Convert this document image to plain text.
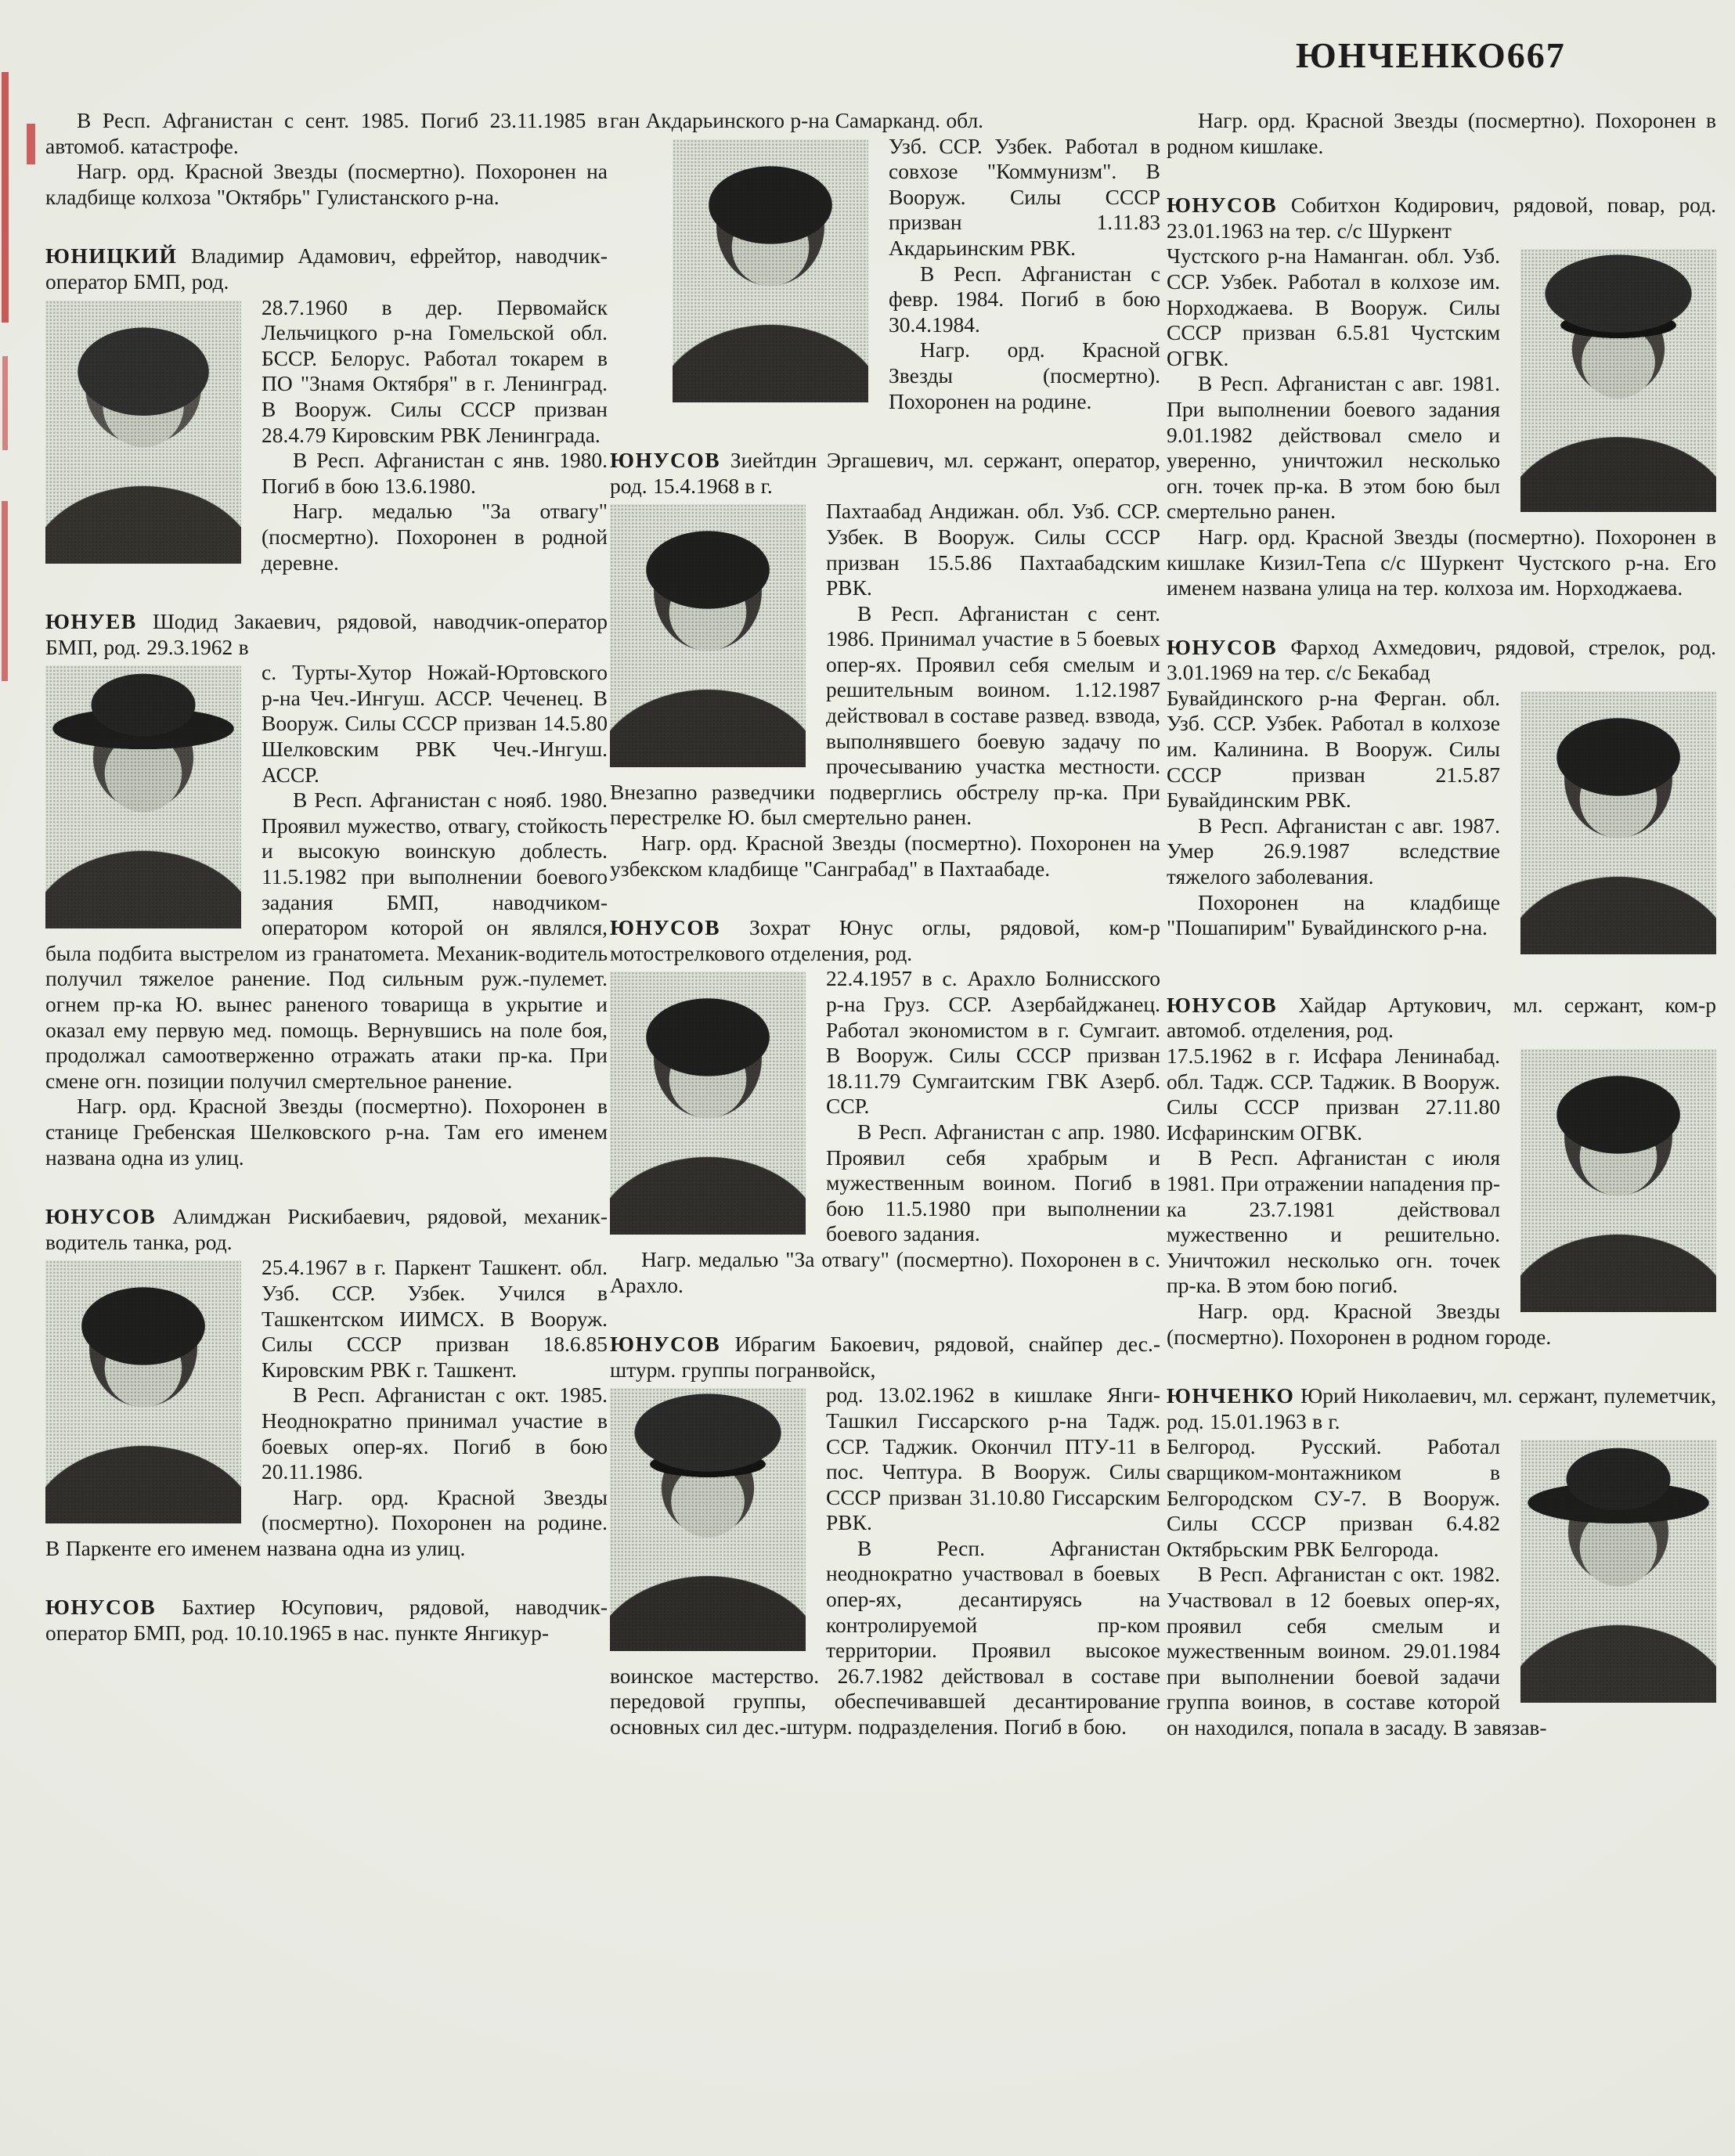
ЮНЧЕНКО 667

В Респ. Афганистан с сент. 1985. Погиб 23.11.1985 в автомоб. катастрофе.

Нагр. орд. Красной Звезды (посмертно). Похоронен на кладбище колхоза "Октябрь" Гулистанского р-на.

ЮНИЦКИЙ Владимир Адамович, ефрейтор, наводчик-оператор БМП, род.

28.7.1960 в дер. Первомайск Лельчицкого р-на Гомельской обл. БССР. Белорус. Работал токарем в ПО "Знамя Октября" в г. Ленинград. В Вооруж. Силы СССР призван 28.4.79 Кировским РВК Ленинграда.

В Респ. Афганистан с янв. 1980. Погиб в бою 13.6.1980.

Нагр. медалью "За отвагу" (посмертно). Похоронен в родной деревне.

ЮНУЕВ Шодид Закаевич, рядовой, наводчик-оператор БМП, род. 29.3.1962 в

с. Турты-Хутор Ножай-Юртовского р-на Чеч.-Ингуш. АССР. Чеченец. В Вооруж. Силы СССР призван 14.5.80 Шелковским РВК Чеч.-Ингуш. АССР.

В Респ. Афганистан с нояб. 1980. Проявил мужество, отвагу, стойкость и высокую воинскую доблесть. 11.5.1982 при выполнении боевого задания БМП, наводчиком-оператором которой он являлся, была подбита выстрелом из гранатомета. Механик-водитель получил тяжелое ранение. Под сильным руж.-пулемет. огнем пр-ка Ю. вынес раненого товарища в укрытие и оказал ему первую мед. помощь. Вернувшись на поле боя, продолжал самоотверженно отражать атаки пр-ка. При смене огн. позиции получил смертельное ранение.

Нагр. орд. Красной Звезды (посмертно). Похоронен в станице Гребенская Шелковского р-на. Там его именем названа одна из улиц.

ЮНУСОВ Алимджан Рискибаевич, рядовой, механик-водитель танка, род.

25.4.1967 в г. Паркент Ташкент. обл. Узб. ССР. Узбек. Учился в Ташкентском ИИМСХ. В Вооруж. Силы СССР призван 18.6.85 Кировским РВК г. Ташкент.

В Респ. Афганистан с окт. 1985. Неоднократно принимал участие в боевых опер-ях. Погиб в бою 20.11.1986.

Нагр. орд. Красной Звезды (посмертно). Похоронен на родине. В Паркенте его именем названа одна из улиц.

ЮНУСОВ Бахтиер Юсупович, рядовой, наводчик-оператор БМП, род. 10.10.1965 в нас. пункте Янгикур-

ган Акдарьинского р-на Самарканд. обл.

Узб. ССР. Узбек. Работал в совхозе "Коммунизм". В Вооруж. Силы СССР призван 1.11.83 Акдарьинским РВК.

В Респ. Афганистан с февр. 1984. Погиб в бою 30.4.1984.

Нагр. орд. Красной Звезды (посмертно). Похоронен на родине.

ЮНУСОВ Зиейтдин Эргашевич, мл. сержант, оператор, род. 15.4.1968 в г.

Пахтаабад Андижан. обл. Узб. ССР. Узбек. В Вооруж. Силы СССР призван 15.5.86 Пахтаабадским РВК.

В Респ. Афганистан с сент. 1986. Принимал участие в 5 боевых опер-ях. Проявил себя смелым и решительным воином. 1.12.1987 действовал в составе развед. взвода, выполнявшего боевую задачу по прочесыванию участка местности. Внезапно разведчики подверглись обстрелу пр-ка. При перестрелке Ю. был смертельно ранен.

Нагр. орд. Красной Звезды (посмертно). Похоронен на узбекском кладбище "Санграбад" в Пахтаабаде.

ЮНУСОВ Зохрат Юнус оглы, рядовой, ком-р мотострелкового отделения, род.

22.4.1957 в с. Арахло Болнисского р-на Груз. ССР. Азербайджанец. Работал экономистом в г. Сумгаит. В Вооруж. Силы СССР призван 18.11.79 Сумгаитским ГВК Азерб. ССР.

В Респ. Афганистан с апр. 1980. Проявил себя храбрым и мужественным воином. Погиб в бою 11.5.1980 при выполнении боевого задания.

Нагр. медалью "За отвагу" (посмертно). Похоронен в с. Арахло.

ЮНУСОВ Ибрагим Бакоевич, рядовой, снайпер дес.-штурм. группы погранвойск,

род. 13.02.1962 в кишлаке Янги-Ташкил Гиссарского р-на Тадж. ССР. Таджик. Окончил ПТУ-11 в пос. Чептура. В Вооруж. Силы СССР призван 31.10.80 Гиссарским РВК.

В Респ. Афганистан неоднократно участвовал в боевых опер-ях, десантируясь на контролируемой пр-ком территории. Проявил высокое воинское мастерство. 26.7.1982 действовал в составе передовой группы, обеспечивавшей десантирование основных сил дес.-штурм. подразделения. Погиб в бою.

Нагр. орд. Красной Звезды (посмертно). Похоронен в родном кишлаке.

ЮНУСОВ Собитхон Кодирович, рядовой, повар, род. 23.01.1963 на тер. с/с Шуркент

Чустского р-на Наманган. обл. Узб. ССР. Узбек. Работал в колхозе им. Норходжаева. В Вооруж. Силы СССР призван 6.5.81 Чустским ОГВК.

В Респ. Афганистан с авг. 1981. При выполнении боевого задания 9.01.1982 действовал смело и уверенно, уничтожил несколько огн. точек пр-ка. В этом бою был смертельно ранен.

Нагр. орд. Красной Звезды (посмертно). Похоронен в кишлаке Кизил-Тепа с/с Шуркент Чустского р-на. Его именем названа улица на тер. колхоза им. Норходжаева.

ЮНУСОВ Фарход Ахмедович, рядовой, стрелок, род. 3.01.1969 на тер. с/с Бекабад

Бувайдинского р-на Ферган. обл. Узб. ССР. Узбек. Работал в колхозе им. Калинина. В Вооруж. Силы СССР призван 21.5.87 Бувайдинским РВК.

В Респ. Афганистан с авг. 1987. Умер 26.9.1987 вследствие тяжелого заболевания.

Похоронен на кладбище "Пошапирим" Бувайдинского р-на.

ЮНУСОВ Хайдар Артукович, мл. сержант, ком-р автомоб. отделения, род.

17.5.1962 в г. Исфара Ленинабад. обл. Тадж. ССР. Таджик. В Вооруж. Силы СССР призван 27.11.80 Исфаринским ОГВК.

В Респ. Афганистан с июля 1981. При отражении нападения пр-ка 23.7.1981 действовал мужественно и решительно. Уничтожил несколько огн. точек пр-ка. В этом бою погиб.

Нагр. орд. Красной Звезды (посмертно). Похоронен в родном городе.

ЮНЧЕНКО Юрий Николаевич, мл. сержант, пулеметчик, род. 15.01.1963 в г.

Белгород. Русский. Работал сварщиком-монтажником в Белгородском СУ-7. В Вооруж. Силы СССР призван 6.4.82 Октябрьским РВК Белгорода.

В Респ. Афганистан с окт. 1982. Участвовал в 12 боевых опер-ях, проявил себя смелым и мужественным воином. 29.01.1984 при выполнении боевой задачи группа воинов, в составе которой он находился, попала в засаду. В завязав-
